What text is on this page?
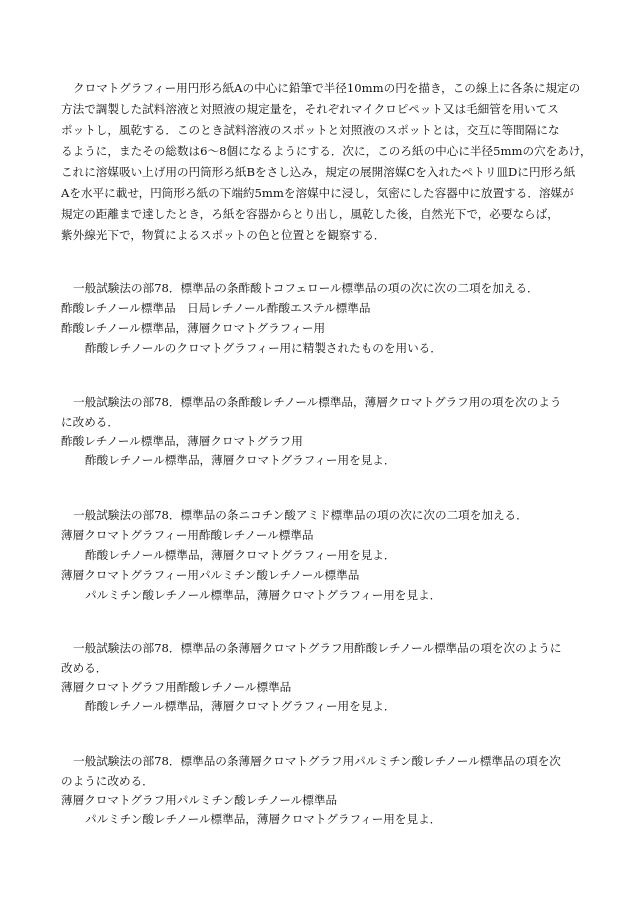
クロマトグラフィー用円形ろ紙Aの中心に鉛筆で半径10mmの円を描き，この線上に各条に規定の
方法で調製した試料溶液と対照液の規定量を，それぞれマイクロピペット又は毛細管を用いてス
ポットし，風乾する．このとき試料溶液のスポットと対照液のスポットとは，交互に等間隔にな
るように，またその総数は6〜8個になるようにする．次に，このろ紙の中心に半径5mmの穴をあけ，
これに溶媒吸い上げ用の円筒形ろ紙Bをさし込み，規定の展開溶媒Cを入れたペトリ皿Dに円形ろ紙
Aを水平に載せ，円筒形ろ紙の下端約5mmを溶媒中に浸し，気密にした容器中に放置する．溶媒が
規定の距離まで達したとき，ろ紙を容器からとり出し，風乾した後，自然光下で，必要ならば，
紫外線光下で，物質によるスポットの色と位置とを観察する．
一般試験法の部78．標準品の条酢酸トコフェロール標準品の項の次に次の二項を加える．
酢酸レチノール標準品　日局レチノール酢酸エステル標準品
酢酸レチノール標準品，薄層クロマトグラフィー用
酢酸レチノールのクロマトグラフィー用に精製されたものを用いる．
一般試験法の部78．標準品の条酢酸レチノール標準品，薄層クロマトグラフ用の項を次のよう
に改める．
酢酸レチノール標準品，薄層クロマトグラフ用
酢酸レチノール標準品，薄層クロマトグラフィー用を見よ．
一般試験法の部78．標準品の条ニコチン酸アミド標準品の項の次に次の二項を加える．
薄層クロマトグラフィー用酢酸レチノール標準品
酢酸レチノール標準品，薄層クロマトグラフィー用を見よ．
薄層クロマトグラフィー用パルミチン酸レチノール標準品
パルミチン酸レチノール標準品，薄層クロマトグラフィー用を見よ．
一般試験法の部78．標準品の条薄層クロマトグラフ用酢酸レチノール標準品の項を次のように
改める．
薄層クロマトグラフ用酢酸レチノール標準品
酢酸レチノール標準品，薄層クロマトグラフィー用を見よ．
一般試験法の部78．標準品の条薄層クロマトグラフ用パルミチン酸レチノール標準品の項を次
のように改める．
薄層クロマトグラフ用パルミチン酸レチノール標準品
パルミチン酸レチノール標準品，薄層クロマトグラフィー用を見よ．
